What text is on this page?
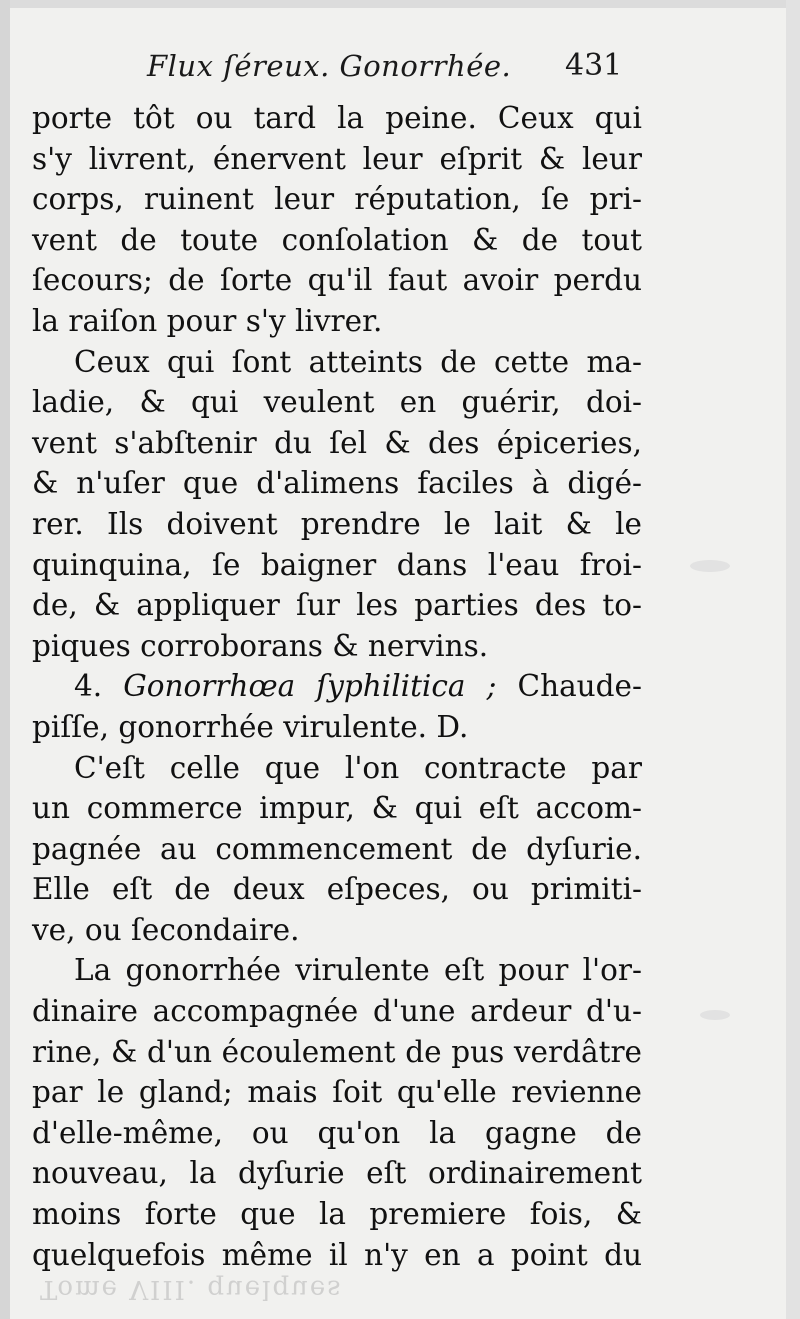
Flux ſéreux. Gonorrhée. 431
porte tôt ou tard la peine. Ceux qui
s'y livrent, énervent leur eſprit & leur
corps, ruinent leur réputation, ſe pri-
vent de toute conſolation & de tout
ſecours; de ſorte qu'il faut avoir perdu
la raiſon pour s'y livrer.
Ceux qui ſont atteints de cette ma-
ladie, & qui veulent en guérir, doi-
vent s'abſtenir du ſel & des épiceries,
& n'uſer que d'alimens faciles à digé-
rer. Ils doivent prendre le lait & le
quinquina, ſe baigner dans l'eau froi-
de, & appliquer ſur les parties des to-
piques corroborans & nervins.
4. Gonorrhœa ſyphilitica ; Chaude-
piſſe, gonorrhée virulente. D.
C'eſt celle que l'on contracte par
un commerce impur, & qui eſt accom-
pagnée au commencement de dyſurie.
Elle eſt de deux eſpeces, ou primiti-
ve, ou ſecondaire.
La gonorrhée virulente eſt pour l'or-
dinaire accompagnée d'une ardeur d'u-
rine, & d'un écoulement de pus verdâtre
par le gland; mais ſoit qu'elle revienne
d'elle-même, ou qu'on la gagne de
nouveau, la dyſurie eſt ordinairement
moins forte que la premiere fois, &
quelquefois même il n'y en a point du
Tome VIII. quelques
